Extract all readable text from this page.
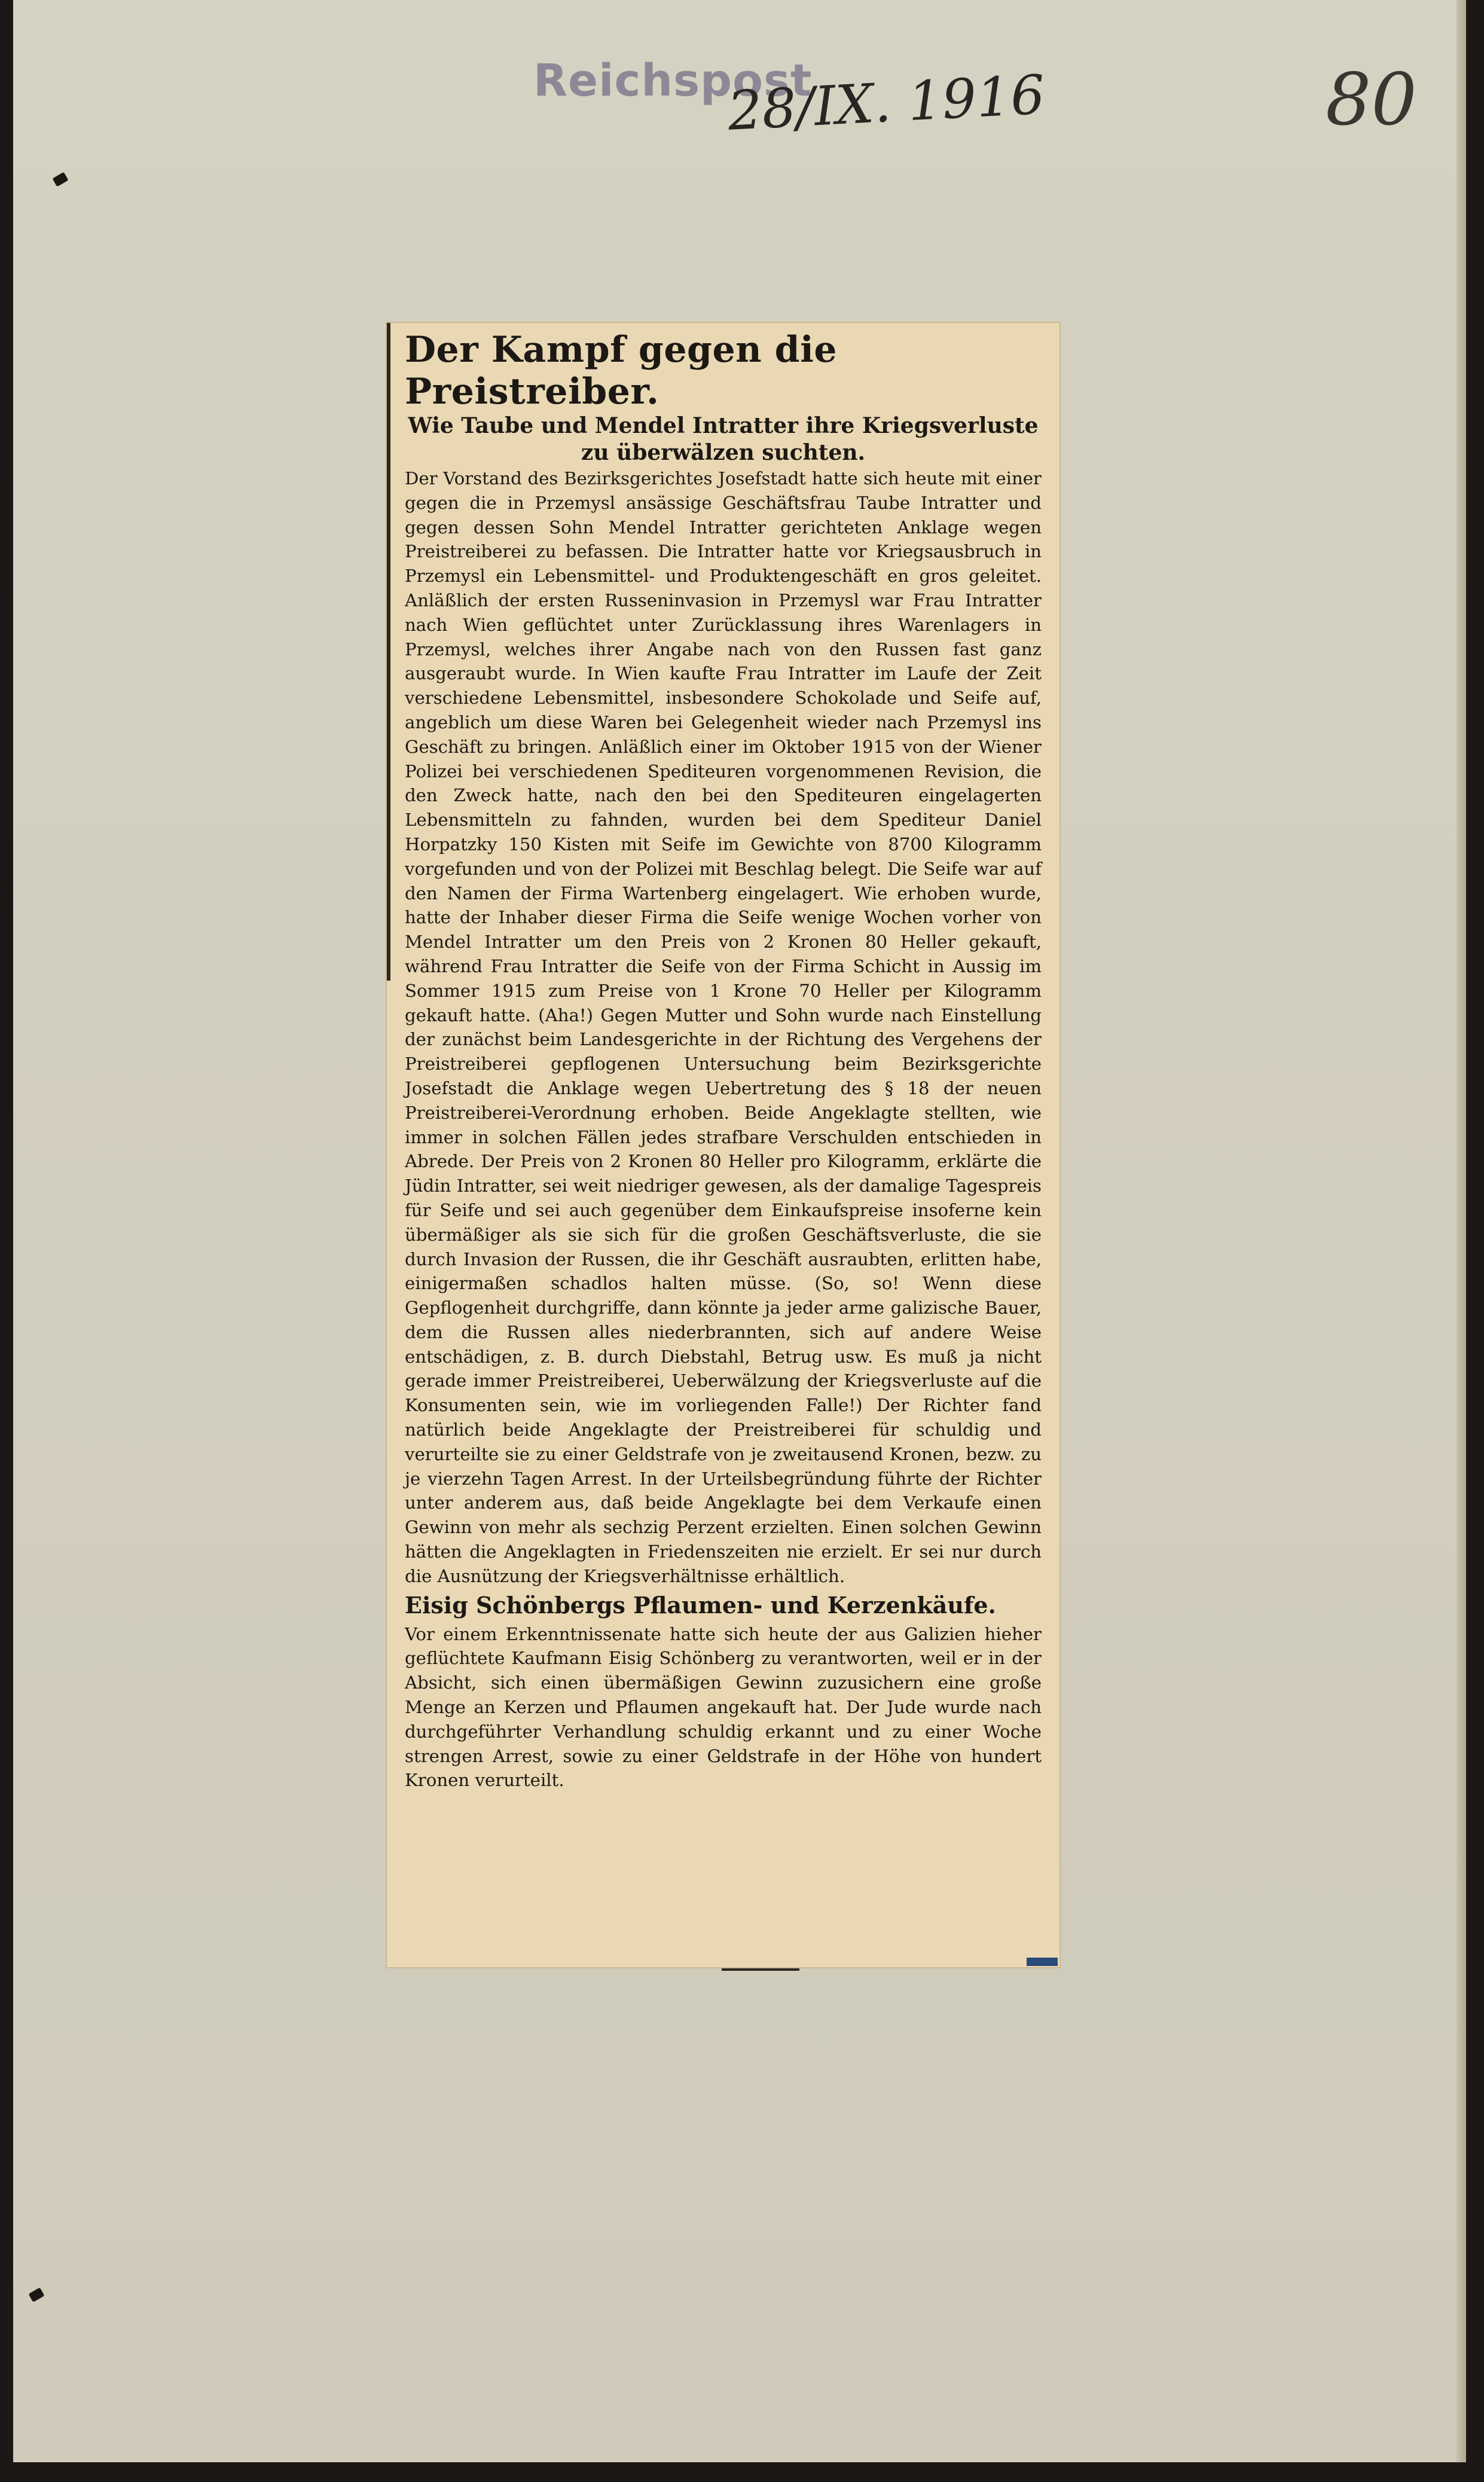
Reichspost
28/IX. 1916	80
Der Kampf gegen die Preistreiber.
Wie Taube und Mendel Intratter ihre Kriegsverluste zu überwälzen suchten.

Der Vorstand des Bezirksgerichtes Josefstadt hatte sich heute mit einer gegen die in Przemysl ansässige Geschäftsfrau Taube Intratter und gegen dessen Sohn Mendel Intratter gerichteten Anklage wegen Preistreiberei zu befassen. Die Intratter hatte vor Kriegsausbruch in Przemysl ein Lebensmittel- und Produktengeschäft en gros geleitet. Anläßlich der ersten Russeninvasion in Przemysl war Frau Intratter nach Wien geflüchtet unter Zurücklassung ihres Warenlagers in Przemysl, welches ihrer Angabe nach von den Russen fast ganz ausgeraubt wurde. In Wien kaufte Frau Intratter im Laufe der Zeit verschiedene Lebensmittel, insbesondere Schokolade und Seife auf, angeblich um diese Waren bei Gelegenheit wieder nach Przemysl ins Geschäft zu bringen. Anläßlich einer im Oktober 1915 von der Wiener Polizei bei verschiedenen Spediteuren vorgenommenen Revision, die den Zweck hatte, nach den bei den Spediteuren eingelagerten Lebensmitteln zu fahnden, wurden bei dem Spediteur Daniel Horpatzky 150 Kisten mit Seife im Gewichte von 8700 Kilogramm vorgefunden und von der Polizei mit Beschlag belegt. Die Seife war auf den Namen der Firma Wartenberg eingelagert. Wie erhoben wurde, hatte der Inhaber dieser Firma die Seife wenige Wochen vorher von Mendel Intratter um den Preis von 2 Kronen 80 Heller gekauft, während Frau Intratter die Seife von der Firma Schicht in Aussig im Sommer 1915 zum Preise von 1 Krone 70 Heller per Kilogramm gekauft hatte. (Aha!) Gegen Mutter und Sohn wurde nach Einstellung der zunächst beim Landesgerichte in der Richtung des Vergehens der Preistreiberei gepflogenen Untersuchung beim Bezirksgerichte Josefstadt die Anklage wegen Uebertretung des § 18 der neuen Preistreiberei-Verordnung erhoben. Beide Angeklagte stellten, wie immer in solchen Fällen jedes strafbare Verschulden entschieden in Abrede. Der Preis von 2 Kronen 80 Heller pro Kilogramm, erklärte die Jüdin Intratter, sei weit niedriger gewesen, als der damalige Tagespreis für Seife und sei auch gegenüber dem Einkaufspreise insoferne kein übermäßiger als sie sich für die großen Geschäftsverluste, die sie durch Invasion der Russen, die ihr Geschäft ausraubten, erlitten habe, einigermaßen schadlos halten müsse. (So, so! Wenn diese Gepflogenheit durchgriffe, dann könnte ja jeder arme galizische Bauer, dem die Russen alles niederbrannten, sich auf andere Weise entschädigen, z. B. durch Diebstahl, Betrug usw. Es muß ja nicht gerade immer Preistreiberei, Ueberwälzung der Kriegsverluste auf die Konsumenten sein, wie im vorliegenden Falle!) Der Richter fand natürlich beide Angeklagte der Preistreiberei für schuldig und verurteilte sie zu einer Geldstrafe von je zweitausend Kronen, bezw. zu je vierzehn Tagen Arrest. In der Urteilsbegründung führte der Richter unter anderem aus, daß beide Angeklagte bei dem Verkaufe einen Gewinn von mehr als sechzig Perzent erzielten. Einen solchen Gewinn hätten die Angeklagten in Friedenszeiten nie erzielt. Er sei nur durch die Ausnützung der Kriegsverhältnisse erhältlich.

Eisig Schönbergs Pflaumen- und Kerzenkäufe.

Vor einem Erkenntnissenate hatte sich heute der aus Galizien hieher geflüchtete Kaufmann Eisig Schönberg zu verantworten, weil er in der Absicht, sich einen übermäßigen Gewinn zuzusichern eine große Menge an Kerzen und Pflaumen angekauft hat. Der Jude wurde nach durchgeführter Verhandlung schuldig erkannt und zu einer Woche strengen Arrest, sowie zu einer Geldstrafe in der Höhe von hundert Kronen verurteilt.
